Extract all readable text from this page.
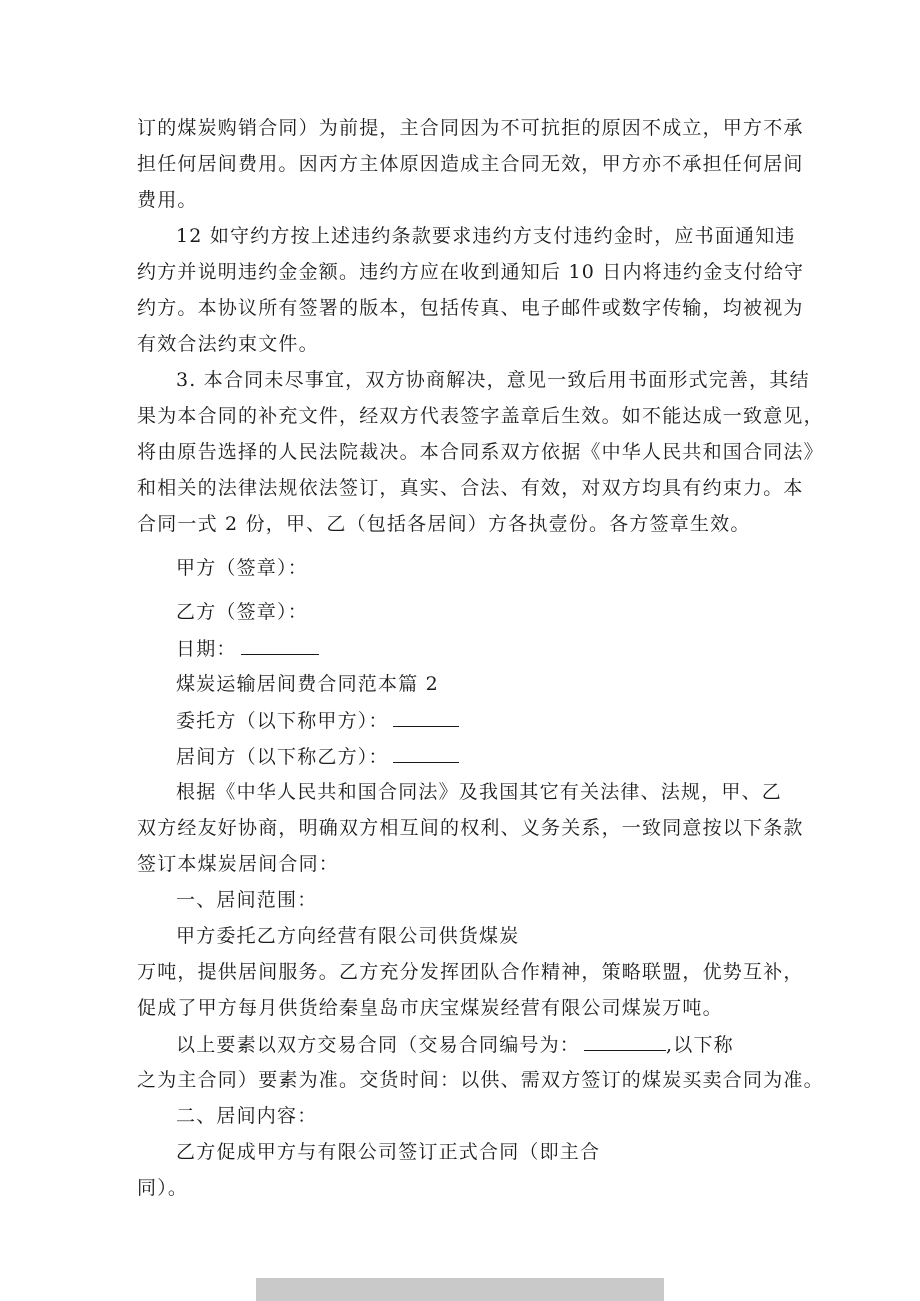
订的煤炭购销合同）为前提，主合同因为不可抗拒的原因不成立，甲方不承
担任何居间费用。因丙方主体原因造成主合同无效，甲方亦不承担任何居间
费用。
12 如守约方按上述违约条款要求违约方支付违约金时，应书面通知违
约方并说明违约金金额。违约方应在收到通知后 10 日内将违约金支付给守
约方。本协议所有签署的版本，包括传真、电子邮件或数字传输，均被视为
有效合法约束文件。
3. 本合同未尽事宜，双方协商解决，意见一致后用书面形式完善，其结
果为本合同的补充文件，经双方代表签字盖章后生效。如不能达成一致意见，
将由原告选择的人民法院裁决。本合同系双方依据《中华人民共和国合同法》
和相关的法律法规依法签订，真实、合法、有效，对双方均具有约束力。本
合同一式 2 份，甲、乙（包括各居间）方各执壹份。各方签章生效。
甲方（签章）：
乙方（签章）：
日期：
煤炭运输居间费合同范本篇 2
委托方（以下称甲方）：
居间方（以下称乙方）：
根据《中华人民共和国合同法》及我国其它有关法律、法规，甲、乙
双方经友好协商，明确双方相互间的权利、义务关系，一致同意按以下条款
签订本煤炭居间合同：
一、居间范围：
甲方委托乙方向经营有限公司供货煤炭
万吨，提供居间服务。乙方充分发挥团队合作精神，策略联盟，优势互补，
促成了甲方每月供货给秦皇岛市庆宝煤炭经营有限公司煤炭万吨。
以上要素以双方交易合同（交易合同编号为：	,以下称
之为主合同）要素为准。交货时间：以供、需双方签订的煤炭买卖合同为准。
二、居间内容：
乙方促成甲方与有限公司签订正式合同（即主合
同）。
